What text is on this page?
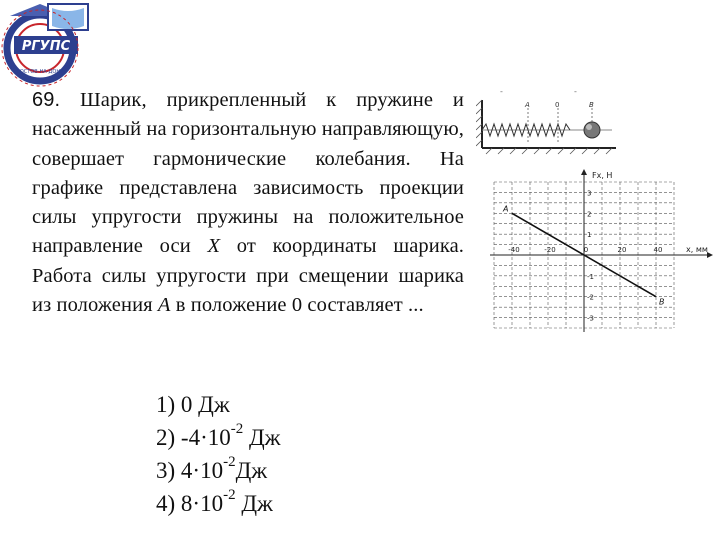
РГУПС
РОСТОВ-НА-ДОНУ
69. Шарик, прикрепленный к пружине и насаженный на горизонтальную направляющую, совершает гармонические колебания. На графике представлена зависимость проекции силы упругости пружины на положительное направление оси X от координаты шарика. Работа силы упругости при смещении шарика из положения A в положение 0 составляет ...
1) 0 Дж
2) $-4\cdot 10^{-2}$ Дж
3) $4\cdot 10^{-2}Дж$
4) $8\cdot 10^{-2}$ Дж
A	0	B
-	-
-40	-20	0	20	40
3
2
1
-1
-2
-3
A
B
x, мм
Fx, Н
